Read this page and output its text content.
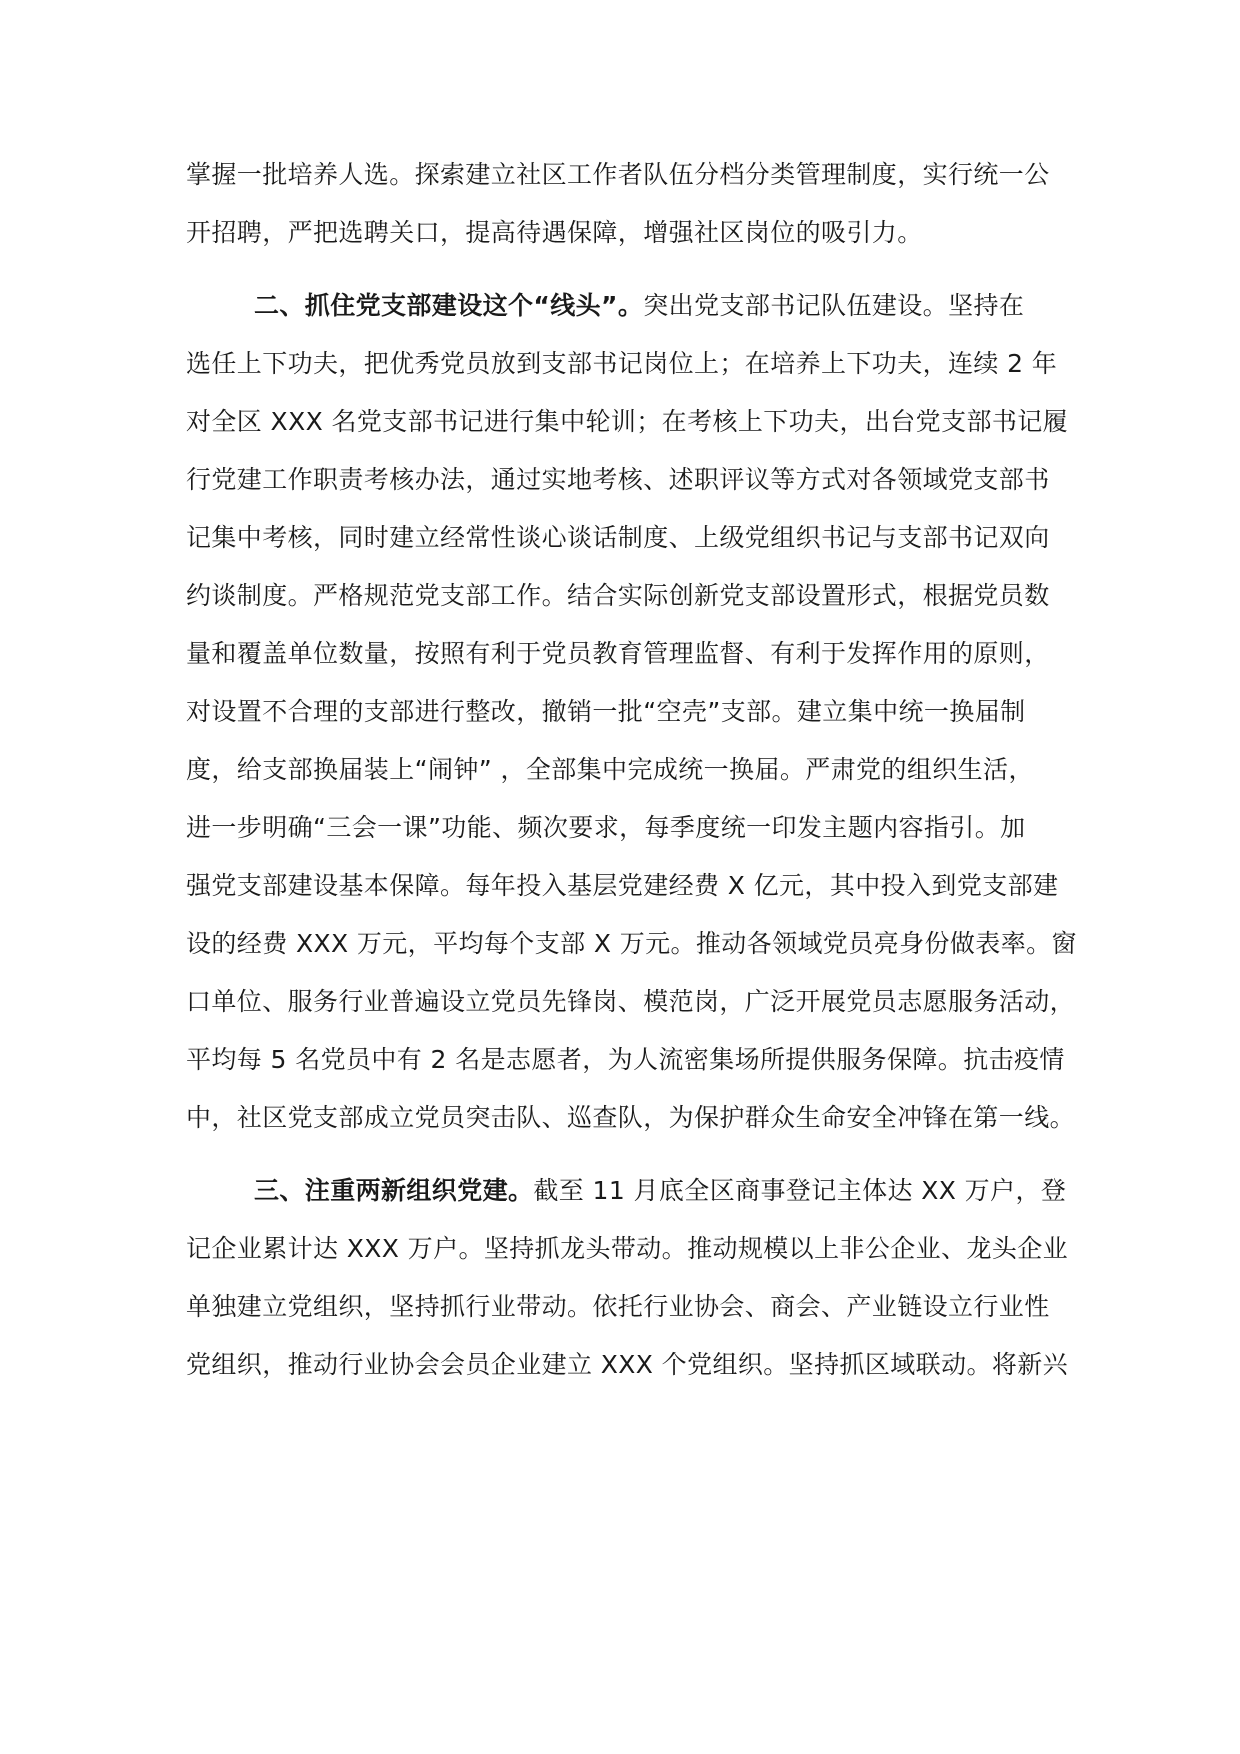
掌握一批培养人选。探索建立社区工作者队伍分档分类管理制度，实行统一公
开招聘，严把选聘关口，提高待遇保障，增强社区岗位的吸引力。
二、抓住党支部建设这个“线头”。突出党支部书记队伍建设。坚持在
选任上下功夫，把优秀党员放到支部书记岗位上；在培养上下功夫，连续 2 年
对全区 XXX 名党支部书记进行集中轮训；在考核上下功夫，出台党支部书记履
行党建工作职责考核办法，通过实地考核、述职评议等方式对各领域党支部书
记集中考核，同时建立经常性谈心谈话制度、上级党组织书记与支部书记双向
约谈制度。严格规范党支部工作。结合实际创新党支部设置形式，根据党员数
量和覆盖单位数量，按照有利于党员教育管理监督、有利于发挥作用的原则，
对设置不合理的支部进行整改，撤销一批“空壳”支部。建立集中统一换届制
度，给支部换届装上“闹钟” ，全部集中完成统一换届。严肃党的组织生活，
进一步明确“三会一课”功能、频次要求，每季度统一印发主题内容指引。加
强党支部建设基本保障。每年投入基层党建经费 X 亿元，其中投入到党支部建
设的经费 XXX 万元，平均每个支部 X 万元。推动各领域党员亮身份做表率。窗
口单位、服务行业普遍设立党员先锋岗、模范岗，广泛开展党员志愿服务活动，
平均每 5 名党员中有 2 名是志愿者，为人流密集场所提供服务保障。抗击疫情
中，社区党支部成立党员突击队、巡查队，为保护群众生命安全冲锋在第一线。
三、注重两新组织党建。截至 11 月底全区商事登记主体达 XX 万户，登
记企业累计达 XXX 万户。坚持抓龙头带动。推动规模以上非公企业、龙头企业
单独建立党组织，坚持抓行业带动。依托行业协会、商会、产业链设立行业性
党组织，推动行业协会会员企业建立 XXX 个党组织。坚持抓区域联动。将新兴
